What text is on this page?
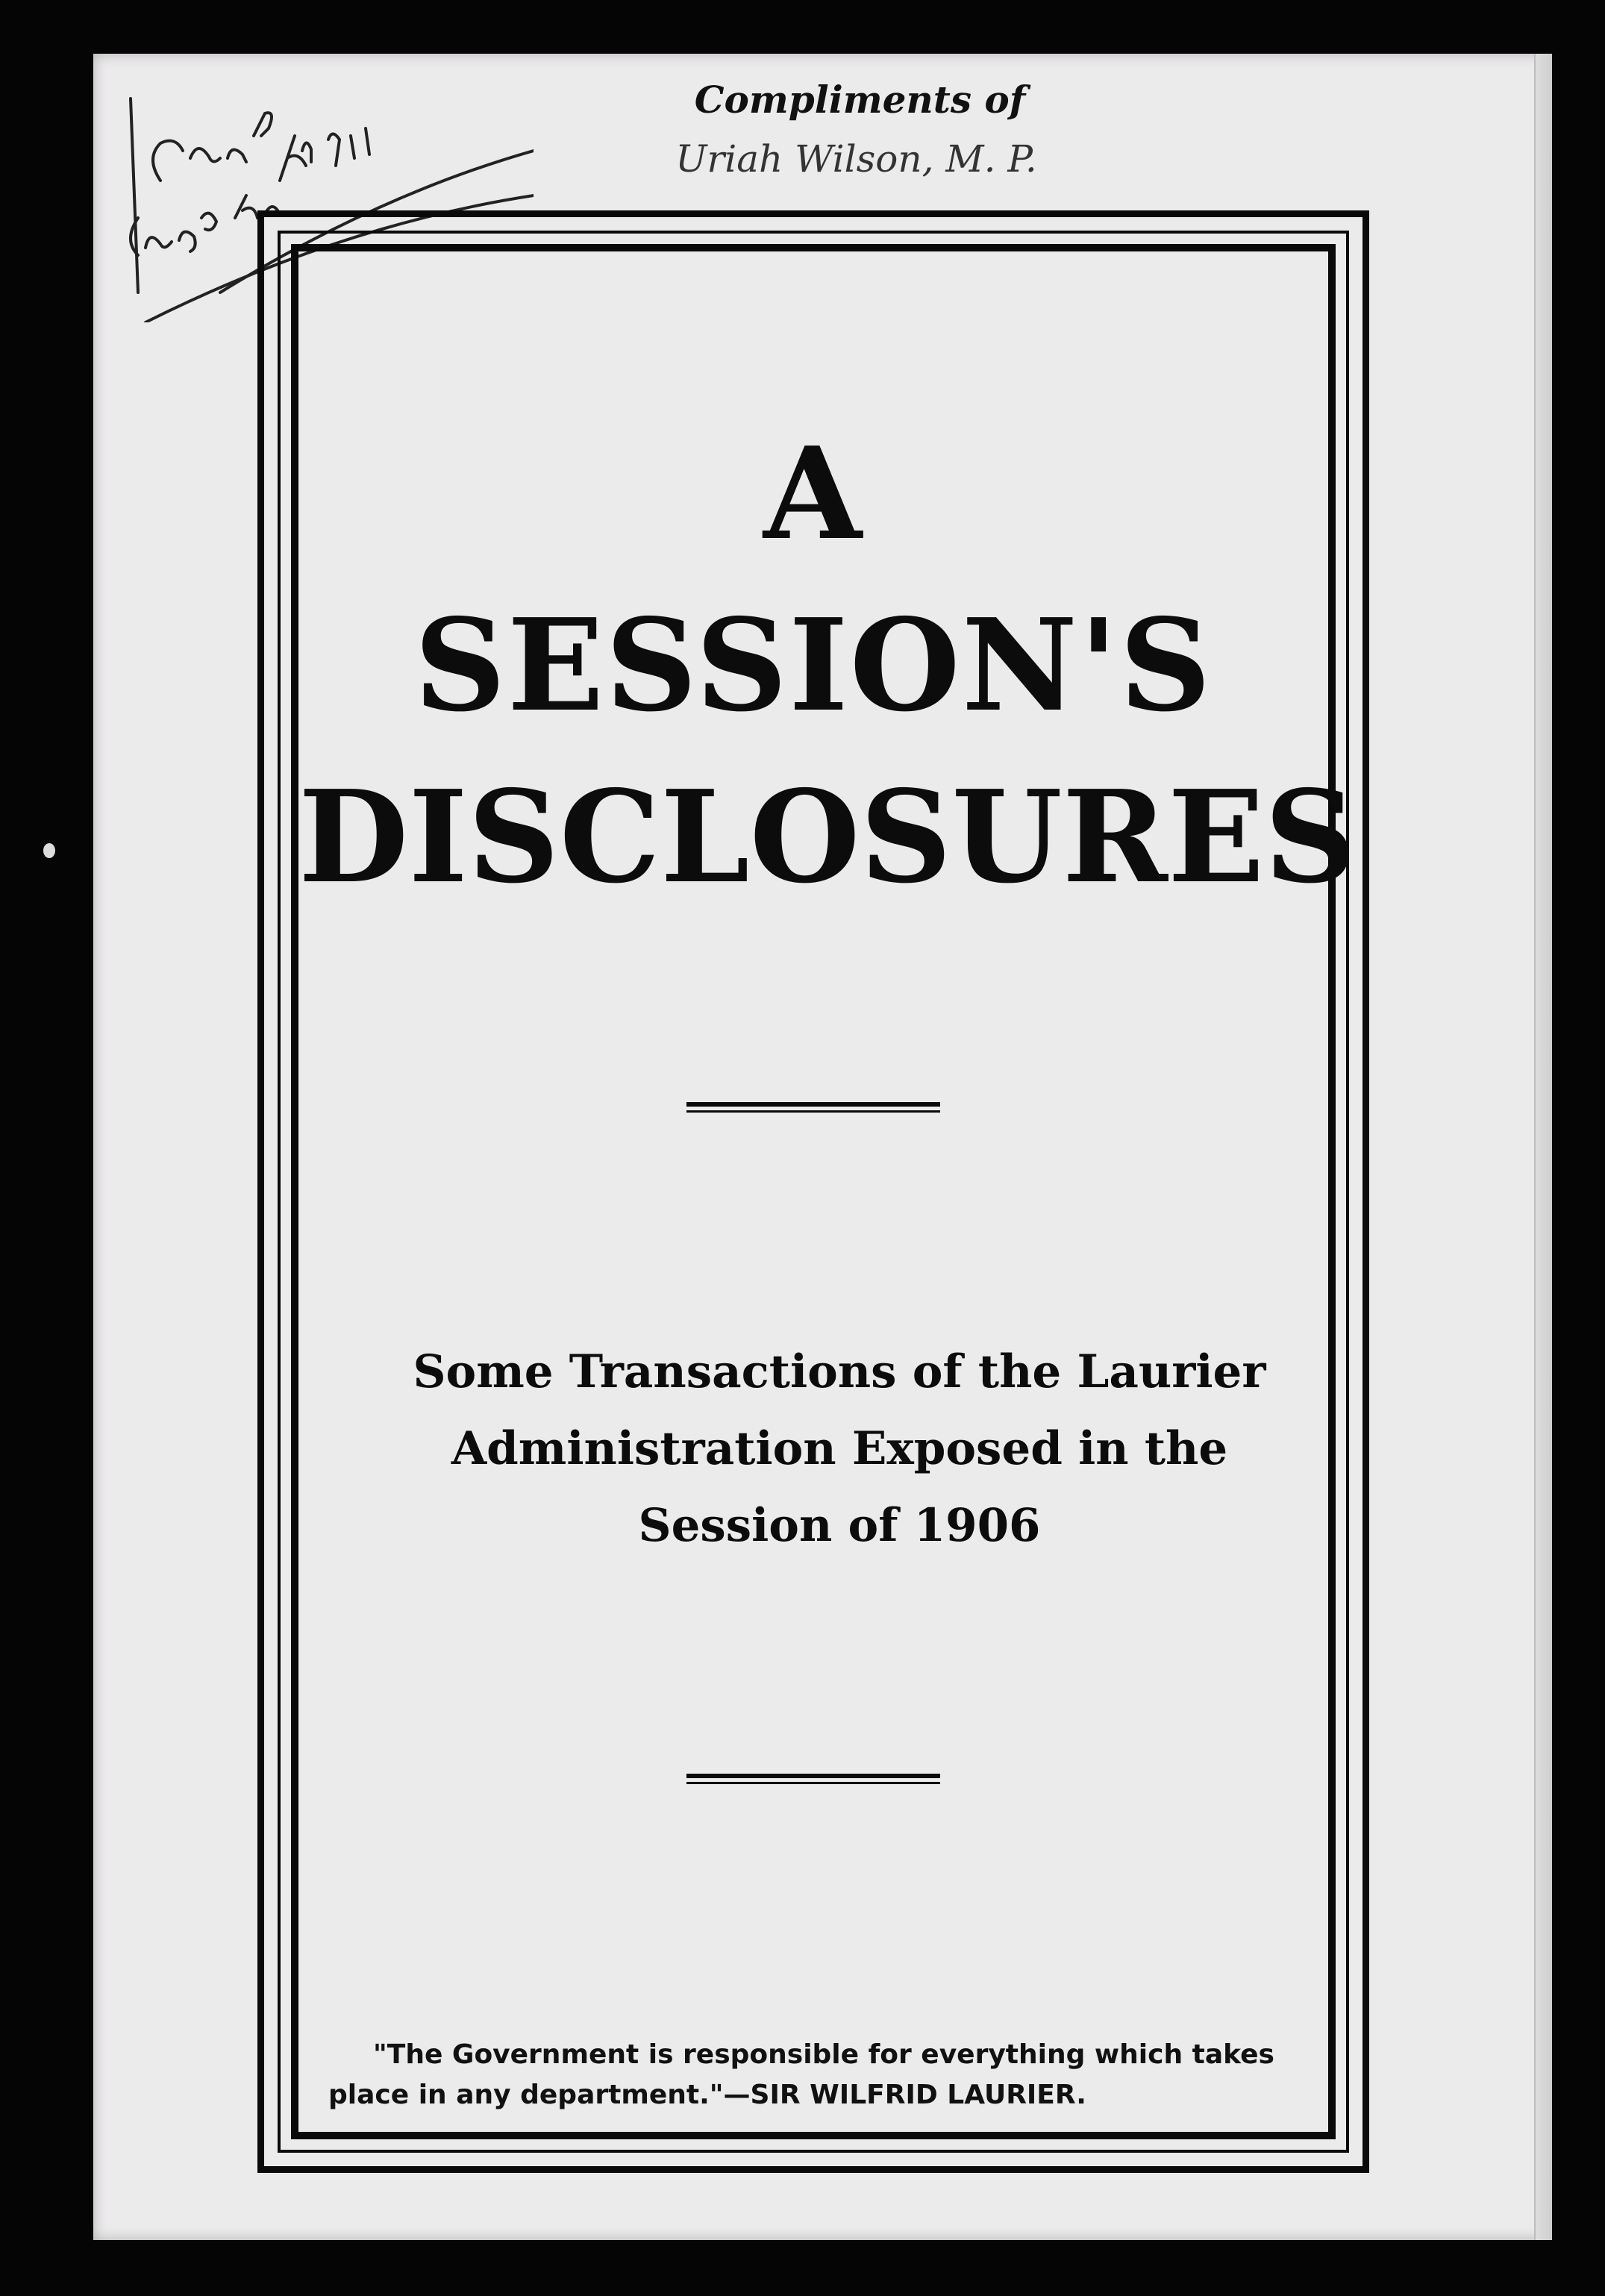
Compliments of
Uriah Wilson, M. P.
A
SESSION'S
DISCLOSURES
Some Transactions of the Laurier
Administration Exposed in the
Session of 1906
"The Government is responsible for everything which takes
place in any department."—SIR WILFRID LAURIER.
